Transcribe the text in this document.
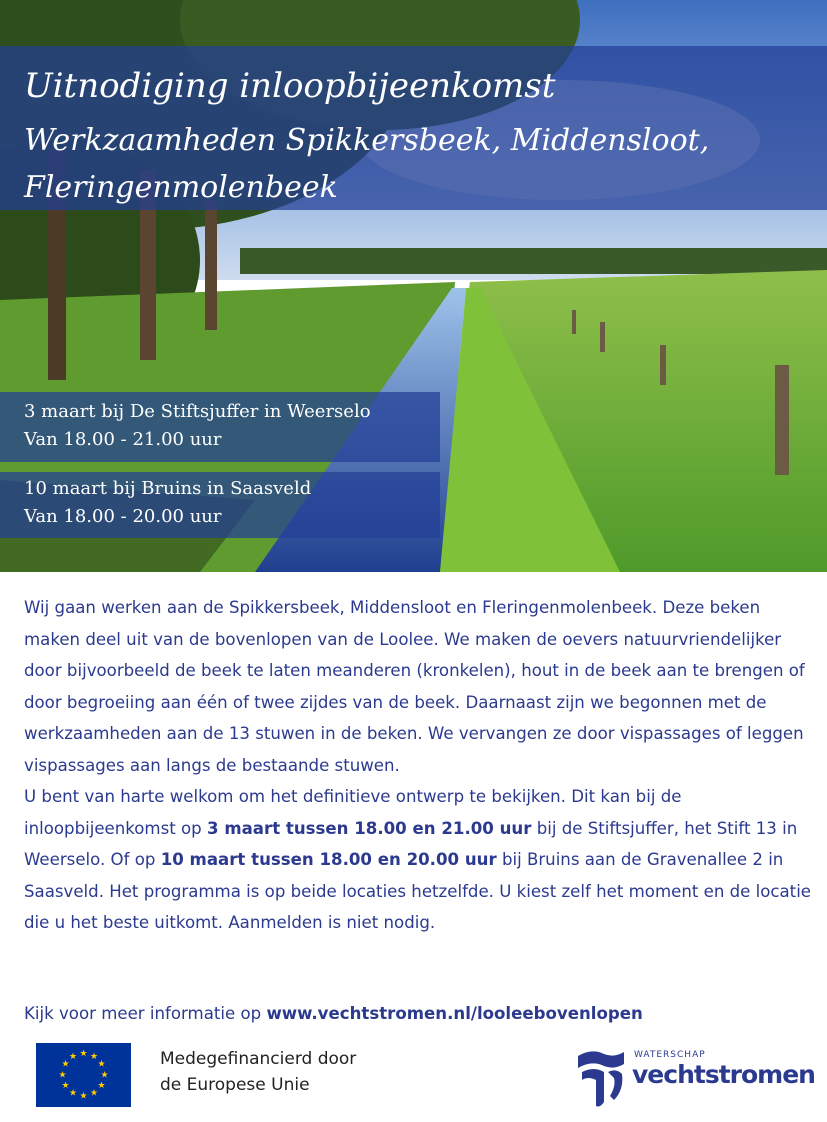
Uitnodiging inloopbijeenkomst
Werkzaamheden Spikkersbeek, Middensloot,
Fleringenmolenbeek
3 maart bij De Stiftsjuffer in Weerselo
Van 18.00 - 21.00 uur
10 maart bij Bruins in Saasveld
Van 18.00 - 20.00 uur

Wij gaan werken aan de Spikkersbeek, Middensloot en Fleringenmolenbeek. Deze beken maken deel uit van de bovenlopen van de Loolee. We maken de oevers natuurvriendelijker door bijvoorbeeld de beek te laten meanderen (kronkelen), hout in de beek aan te brengen of door begroeiing aan één of twee zijdes van de beek. Daarnaast zijn we begonnen met de werkzaamheden aan de 13 stuwen in de beken. We vervangen ze door vispassages of leggen vispassages aan langs de bestaande stuwen.

U bent van harte welkom om het definitieve ontwerp te bekijken. Dit kan bij de inloopbijeenkomst op 3 maart tussen 18.00 en 21.00 uur bij de Stiftsjuffer, het Stift 13 in Weerselo. Of op 10 maart tussen 18.00 en 20.00 uur bij Bruins aan de Gravenallee 2 in Saasveld. Het programma is op beide locaties hetzelfde. U kiest zelf het moment en de locatie die u het beste uitkomt. Aanmelden is niet nodig.

Kijk voor meer informatie op www.vechtstromen.nl/looleebovenlopen
★ ★
★
★
★
★
★
★
★
★
★
★	Medegefinancierd door
de Europese Unie
WATERSCHAP
vechtstromen
